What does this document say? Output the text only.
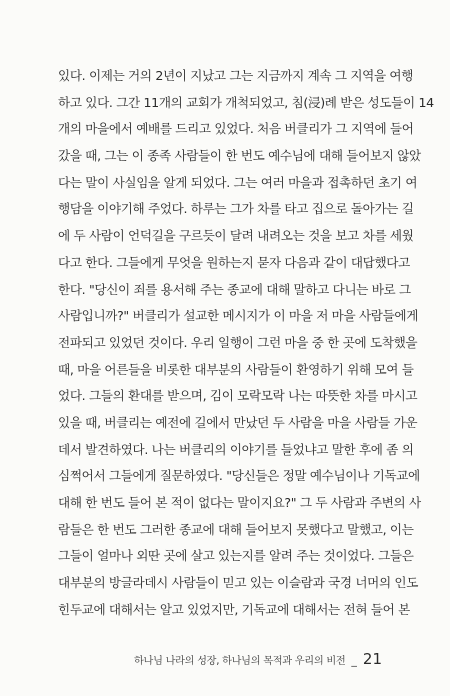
있다. 이제는 거의 2년이 지났고 그는 지금까지 계속 그 지역을 여행
하고 있다. 그간 11개의 교회가 개척되었고, 침(浸)례 받은 성도들이 14
개의 마을에서 예배를 드리고 있었다. 처음 버클리가 그 지역에 들어
갔을 때, 그는 이 종족 사람들이 한 번도 예수님에 대해 들어보지 않았
다는 말이 사실임을 알게 되었다. 그는 여러 마을과 접촉하던 초기 여
행담을 이야기해 주었다. 하루는 그가 차를 타고 집으로 돌아가는 길
에 두 사람이 언덕길을 구르듯이 달려 내려오는 것을 보고 차를 세웠
다고 한다. 그들에게 무엇을 원하는지 묻자 다음과 같이 대답했다고
한다. "당신이 죄를 용서해 주는 종교에 대해 말하고 다니는 바로 그
사람입니까?" 버클리가 설교한 메시지가 이 마을 저 마을 사람들에게
전파되고 있었던 것이다. 우리 일행이 그런 마을 중 한 곳에 도착했을
때, 마을 어른들을 비롯한 대부분의 사람들이 환영하기 위해 모여 들
었다. 그들의 환대를 받으며, 김이 모락모락 나는 따뜻한 차를 마시고
있을 때, 버클리는 예전에 길에서 만났던 두 사람을 마을 사람들 가운
데서 발견하였다. 나는 버클리의 이야기를 들었냐고 말한 후에 좀 의
심쩍어서 그들에게 질문하였다. "당신들은 정말 예수님이나 기독교에
대해 한 번도 들어 본 적이 없다는 말이지요?" 그 두 사람과 주변의 사
람들은 한 번도 그러한 종교에 대해 들어보지 못했다고 말했고, 이는
그들이 얼마나 외딴 곳에 살고 있는지를 알려 주는 것이었다. 그들은
대부분의 방글라데시 사람들이 믿고 있는 이슬람과 국경 너머의 인도
힌두교에 대해서는 알고 있었지만, 기독교에 대해서는 전혀 들어 본
하나님 나라의 성장, 하나님의 목적과 우리의 비전 _ 21
